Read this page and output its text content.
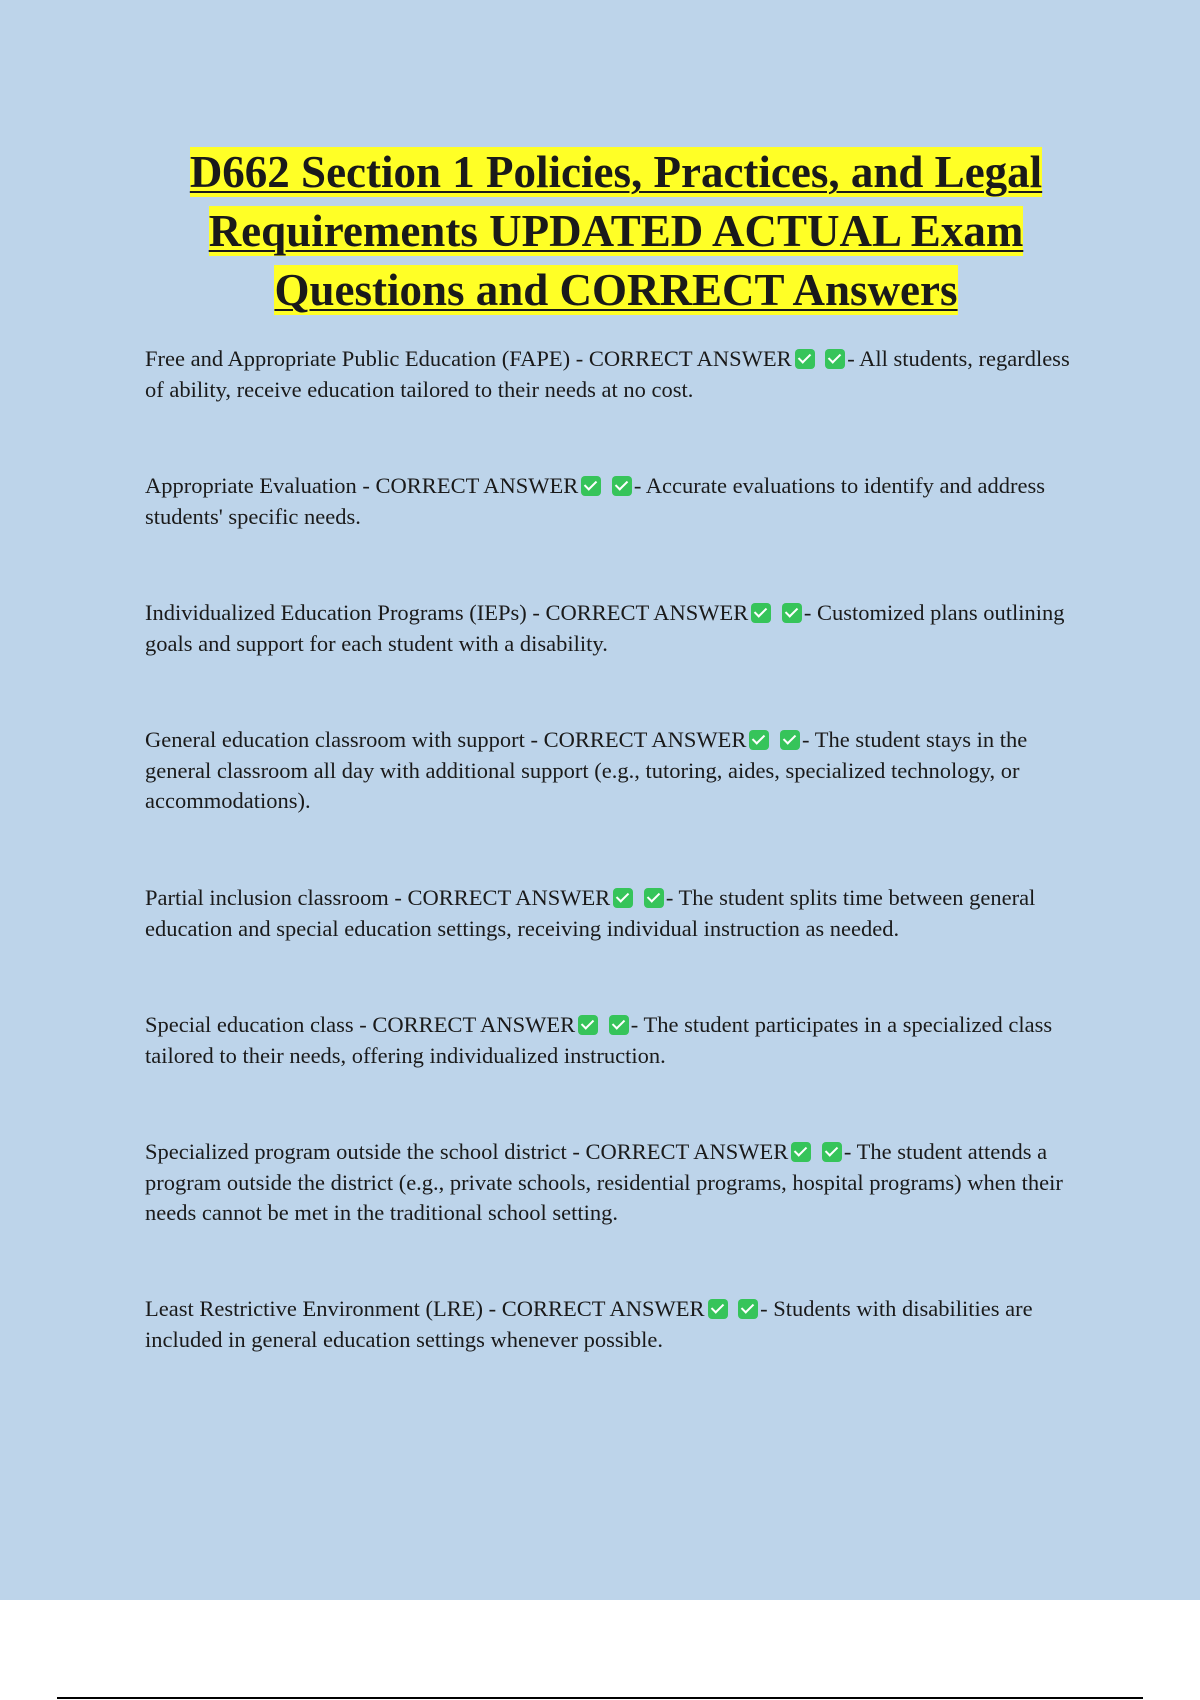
D662 Section 1 Policies, Practices, and Legal Requirements UPDATED ACTUAL Exam Questions and CORRECT Answers

Free and Appropriate Public Education (FAPE) - CORRECT ANSWER - All students, regardless of ability, receive education tailored to their needs at no cost.

Appropriate Evaluation - CORRECT ANSWER - Accurate evaluations to identify and address students' specific needs.

Individualized Education Programs (IEPs) - CORRECT ANSWER - Customized plans outlining goals and support for each student with a disability.

General education classroom with support - CORRECT ANSWER - The student stays in the general classroom all day with additional support (e.g., tutoring, aides, specialized technology, or accommodations).

Partial inclusion classroom - CORRECT ANSWER - The student splits time between general education and special education settings, receiving individual instruction as needed.

Special education class - CORRECT ANSWER - The student participates in a specialized class tailored to their needs, offering individualized instruction.

Specialized program outside the school district - CORRECT ANSWER - The student attends a program outside the district (e.g., private schools, residential programs, hospital programs) when their needs cannot be met in the traditional school setting.

Least Restrictive Environment (LRE) - CORRECT ANSWER - Students with disabilities are included in general education settings whenever possible.
